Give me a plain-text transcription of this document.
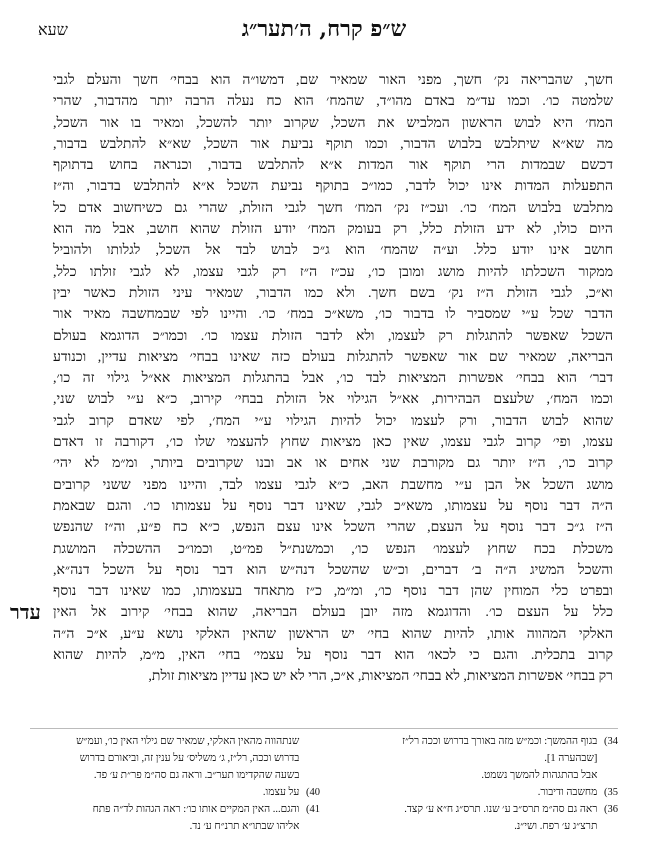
שעא	ש״פ קרח, ה׳תער״ג
חשך, שהבריאה נק׳ חשך, מפני האור שמאיר שם, דמשו״ה הוא בבחי׳ חשך והעלם לגבי
שלמטה כו׳. וכמו עד״מ באדם מהו״ד, שהמח׳ הוא כח נעלה הרבה יותר מהדבור, שהרי
המח׳ היא לבוש הראשון המלביש את השכל, שקרוב יותר להשכל, ומאיר בו אור השכל,
מה שא״א שיתלבש בלבוש הדבור, וכמו תוקף נביעת אור השכל, שא״א להתלבש בדבור,
דכשם שבמדות הרי תוקף אור המדות א״א להתלבש בדבור, וכנראה בחוש בדתוקף
התפעלות המדות אינו יכול לדבר, כמו״כ בתוקף נביעת השכל א״א להתלבש בדבור, וה״ז
מתלבש בלבוש המח׳ כו׳. ועכ״ז נק׳ המח׳ חשך לגבי הזולת, שהרי גם כשיחשוב אדם כל
היום כולו, לא ידע הזולת כלל, רק בעומק המח׳ יודע הזולת שהוא חושב, אבל מה הוא
חושב אינו יודע כלל. וע״ה שהמח׳ הוא ג״כ לבוש לבד אל השכל, לגלותו ולהוביל
ממקור השכלתו להיות מושג ומובן כו׳, עכ״ז ה״ז רק לגבי עצמו, לא לגבי זולתו כלל,
וא״כ, לגבי הזולת ה״ז נק׳ בשם חשך. ולא כמו הדבור, שמאיר עיני הזולת כאשר יבין
הדבר שכל ע״י שמסביר לו בדבור כו׳, משא״כ במח׳ כו׳. והיינו לפי שבמחשבה מאיר אור
השכל שאפשר להתגלות רק לעצמו, ולא לדבר הזולת עצמו כו׳. וכמו״כ הדוגמא בעולם
הבריאה, שמאיר שם אור שאפשר להתגלות בעולם כזה שאינו בבחי׳ מציאות עדיין, וכנודע
דבר׳ הוא בבחי׳ אפשרות המציאות לבד כו׳, אבל בהתגלות המציאות אא״ל גילוי זה כו׳,
וכמו המח׳, שלעצם הבהירות, אא״ל הגילוי אל הזולת בבחי׳ קירוב, כ״א ע״י לבוש שני,
שהוא לבוש הדבור, ורק לעצמו יכול להיות הגילוי ע״י המח׳, לפי שאדם קרוב לגבי
עצמו, ופי׳ קרוב לגבי עצמו, שאין כאן מציאות שחוץ להעצמי שלו כו׳, דקורבה זו דאדם
קרוב כו׳, ה״ז יותר גם מקורבת שני אחים או אב ובנו שקרובים ביותר, ומ״מ לא יהי׳
מושג השכל אל הבן ע״י מחשבת האב, כ״א לגבי עצמו לבד, והיינו מפני ששני קרובים
ה״ה דבר נוסף על עצמותו, משא״כ לגבי, שאינו דבר נוסף על עצמותו כו׳. והגם שבאמת
ה״ז ג״כ דבר נוסף על העצם, שהרי השכל אינו עצם הנפש, כ״א כח פ״ע, וה״ז שהנפש
משכלת בכח שחוץ לעצמו׳ הנפש כו׳, וכמשנת״ל פמ״ט, וכמו״כ ההשכלה המושגת
והשכל המשיג ה״ה ב׳ דברים, וכ״ש שהשכל דנה״ש הוא דבר נוסף על השכל דנה״א,
ובפרט כלי המוחין שהן דבר נוסף כו׳, ומ״מ, כ״ז מתאחד בעצמותו, כמו שאינו דבר נוסף
כלל על העצם כו׳. והדוגמא מזה יובן בעולם הבריאה, שהוא בבחי׳ קירוב אל האין
האלקי המהווה אותו, להיות שהוא בחי׳ יש הראשון שהאין האלקי נושא ע״ע, א״כ ה״ה
קרוב בתכלית. והגם כי לכאו׳ הוא דבר נוסף על עצמי׳ בחי׳ האין, מ״מ, להיות שהוא
רק בבחי׳ אפשרות המציאות, לא בבחי׳ המציאות, א״כ, הרי לא יש כאן עדיין מציאות זולת,
עדר
34) בגוף ההמשך: וכמ״ש מזה באורך בדרוש וככה רל״ז
[שבהערה 1].
אבל בהתגהות להמשך נשמט.
35) מחשבה ודיבור.
36) ראה גם סה״מ תרס״ב ע׳ שנו. תרס״ג ח״א ע׳ קצד.
תרצ״ג ע׳ רפח. ושי״נ.
שנתהווה מהאין האלקי, שמאיר שם גילוי האין כו׳, ועמ״ש
בדרוש וככה, רל״ז, ג׳ משליס׳ על ענין זה, וביאורם בדרוש
בשעה שהקדימו תער״ב. וראה גם סה״מ פר״ת ע׳ פד.
40) על עצמו.
41) והגם... האין המקיים אותו כו׳: ראה הגהות לד״ה פתח
אליהו שבתו״א תרנ״ח ע׳ נד.
